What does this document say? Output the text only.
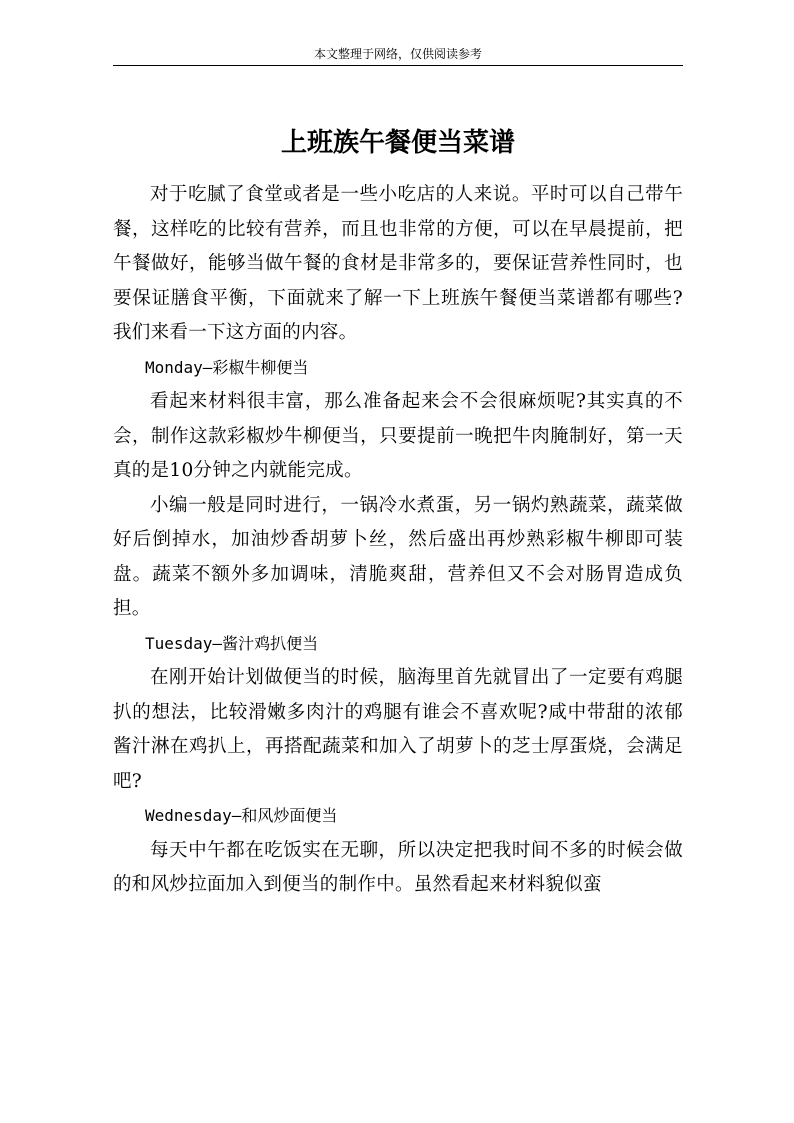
本文整理于网络，仅供阅读参考
上班族午餐便当菜谱

对于吃腻了食堂或者是一些小吃店的人来说。平时可以自己带午餐，这样吃的比较有营养，而且也非常的方便，可以在早晨提前，把午餐做好，能够当做午餐的食材是非常多的，要保证营养性同时，也要保证膳食平衡，下面就来了解一下上班族午餐便当菜谱都有哪些?我们来看一下这方面的内容。

Monday—彩椒牛柳便当

看起来材料很丰富，那么准备起来会不会很麻烦呢?其实真的不会，制作这款彩椒炒牛柳便当，只要提前一晚把牛肉腌制好，第一天真的是10分钟之内就能完成。

小编一般是同时进行，一锅冷水煮蛋，另一锅灼熟蔬菜，蔬菜做好后倒掉水，加油炒香胡萝卜丝，然后盛出再炒熟彩椒牛柳即可装盘。蔬菜不额外多加调味，清脆爽甜，营养但又不会对肠胃造成负担。

Tuesday—酱汁鸡扒便当

在刚开始计划做便当的时候，脑海里首先就冒出了一定要有鸡腿扒的想法，比较滑嫩多肉汁的鸡腿有谁会不喜欢呢?咸中带甜的浓郁酱汁淋在鸡扒上，再搭配蔬菜和加入了胡萝卜的芝士厚蛋烧，会满足吧?

Wednesday—和风炒面便当

每天中午都在吃饭实在无聊，所以决定把我时间不多的时候会做的和风炒拉面加入到便当的制作中。虽然看起来材料貌似蛮
